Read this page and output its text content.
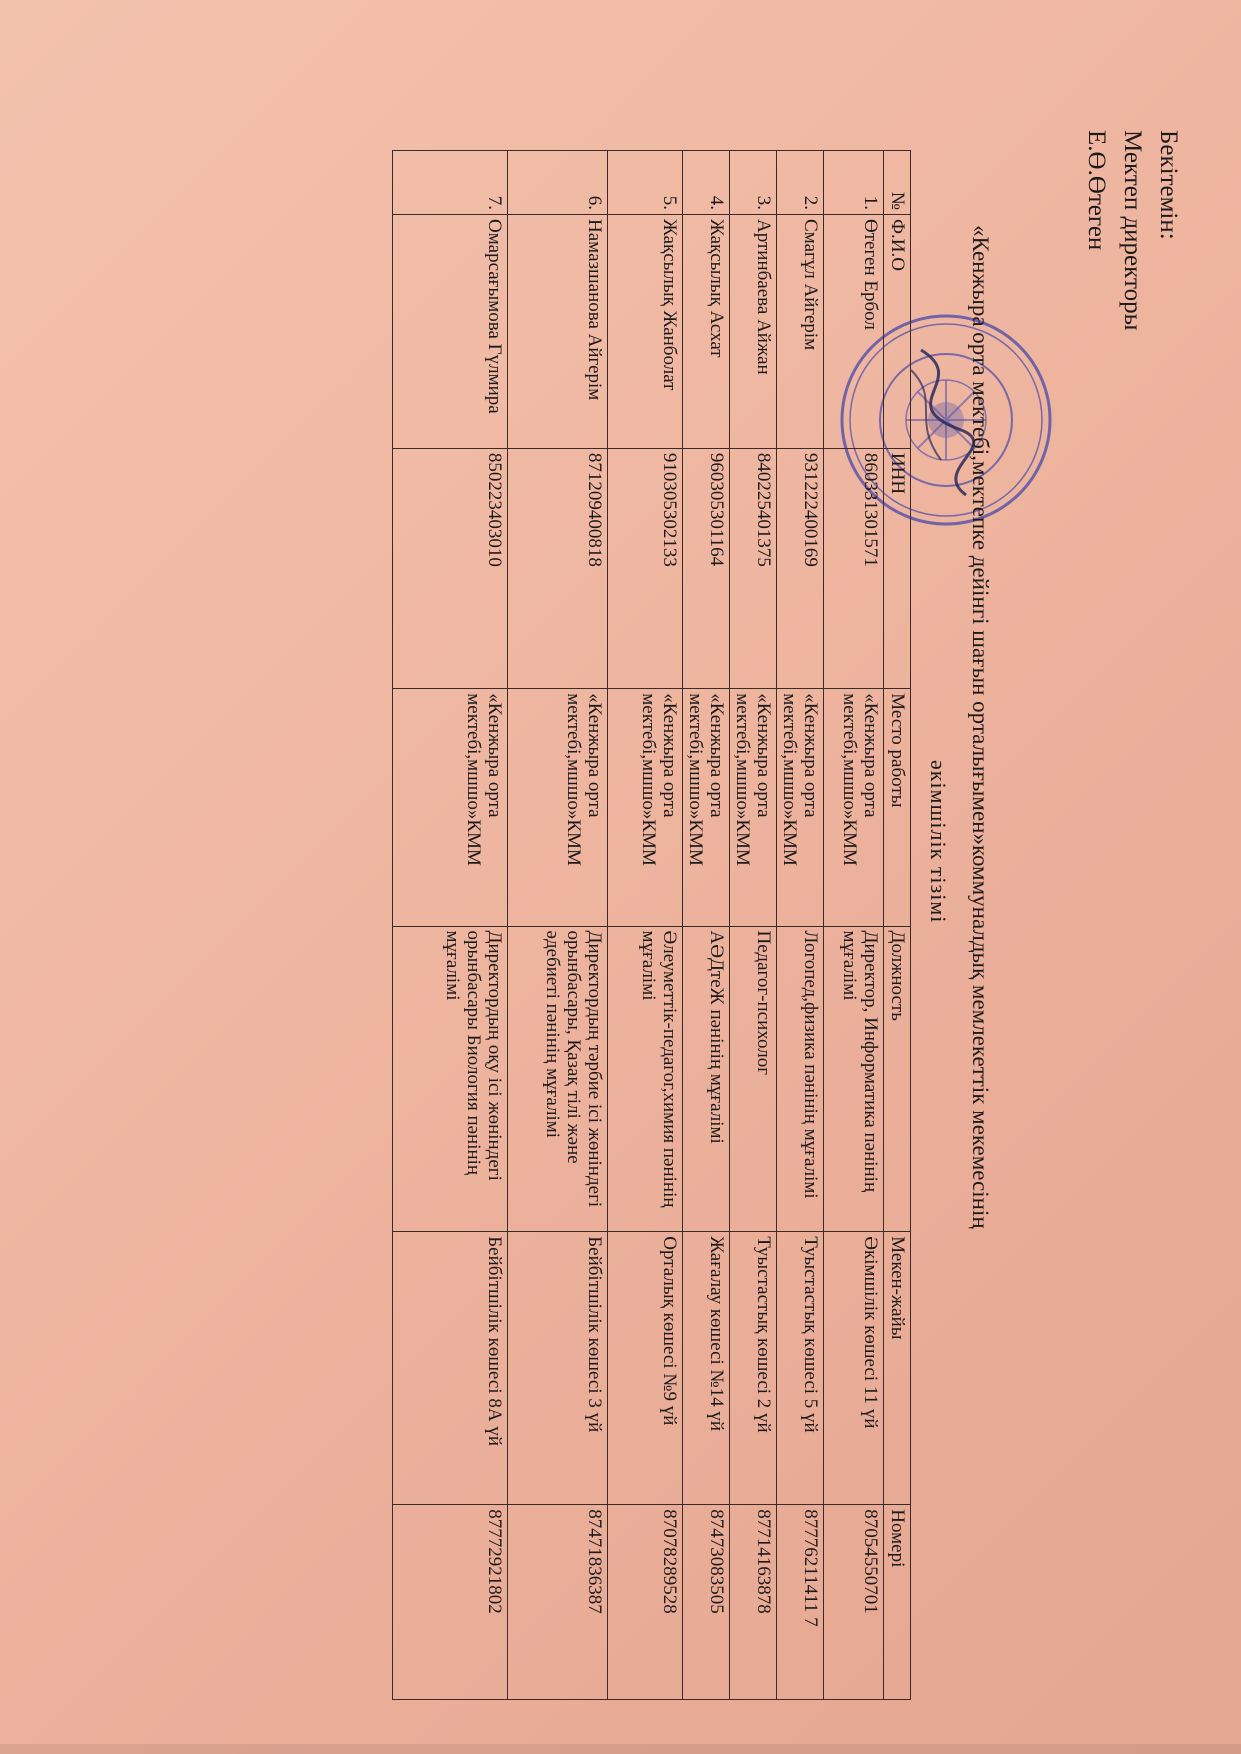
Бекітемін:
Мектеп директоры
Е.Ө.Өтеген
«Кенжыра орта мектебі,мектепке дейінгі шағын орталығымен»коммуналдық мемлекеттік мекемесінің
әкімшілік тізімі
№	Ф.И.О	ИНН	Место работы	Должность	Мекен-жайы	Номері
1.	Өтеген Ербол	860331301571	«Кенжыра орта мектебі,мшшо»КММ	Директор, Информатика пәнінің мұғалімі	Әкімшілік көшесі 11 үй	87054550701
2.	Смагұл Айгерім	931222400169	«Кенжыра орта мектебі,мшшо»КММ	Логопед,физика пәнінің мұғалімі	Туыстастық көшесі 5 үй	87776211411 7
3.	Артинбаева Айжан	840225401375	«Кенжыра орта мектебі,мшшо»КММ	Педагог-психолог	Туыстастық көшесі 2 үй	87714163878
4.	Жақсылық Асхат	960305301164	«Кенжыра орта мектебі,мшшо»КММ	АӘДтеЖ пәнінің мұғалімі	Жағалау көшесі №14 үй	87473083505
5.	Жақсылық Жанболат	910305302133	«Кенжыра орта мектебі,мшшо»КММ	Әлеуметтік-педагог,химия пәнінің мұғалімі	Орталық көшесі №9 үй	87078289528
6.	Намазшанова Айгерім	871209400818	«Кенжыра орта мектебі,мшшо»КММ	Директордың тәрбие ісі жөніндегі орынбасары, Қазақ тілі және әдебиеті пәнінің мұғалімі	Бейбітшілік көшесі 3 үй	87471836387
7.	Омарсағымова Гүлмира	850223403010	«Кенжыра орта мектебі,мшшо»КММ	Директордың оқу ісі жөніндегі орынбасары Биология пәнінің мұғалімі	Бейбітшілік көшесі 8А үй	87772921802
